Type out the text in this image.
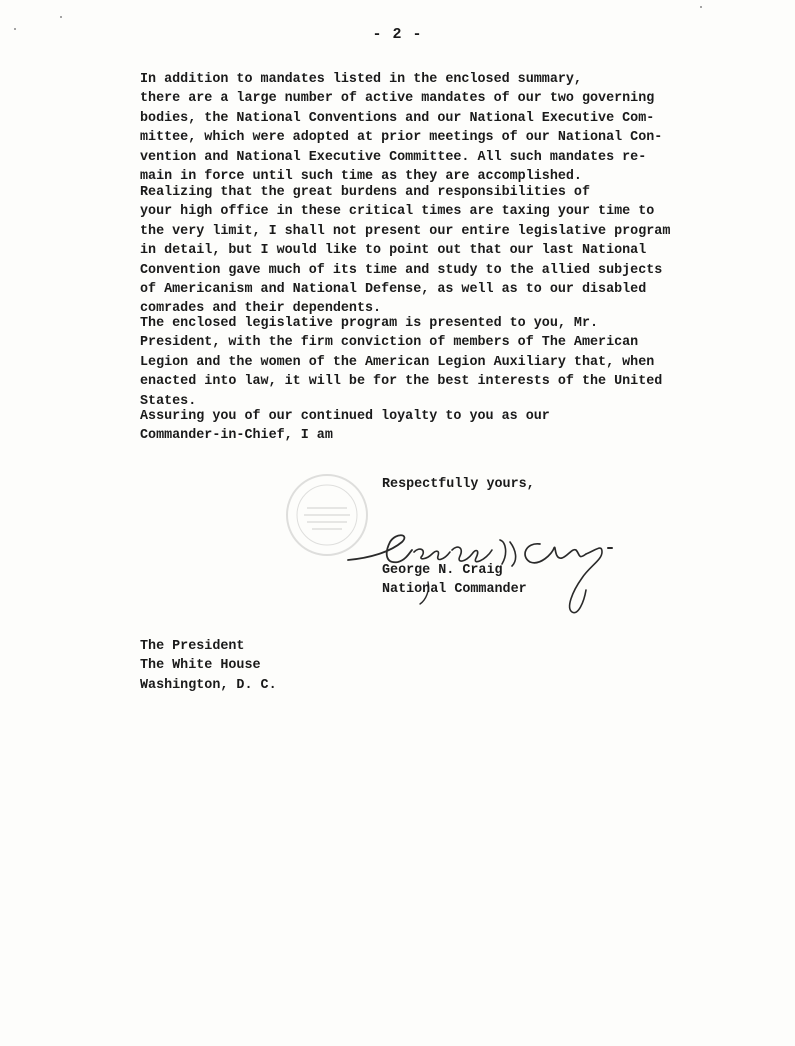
- 2 -

In addition to mandates listed in the enclosed summary,
there are a large number of active mandates of our two governing
bodies, the National Conventions and our National Executive Com-
mittee, which were adopted at prior meetings of our National Con-
vention and National Executive Committee. All such mandates re-
main in force until such time as they are accomplished.

Realizing that the great burdens and responsibilities of
your high office in these critical times are taxing your time to
the very limit, I shall not present our entire legislative program
in detail, but I would like to point out that our last National
Convention gave much of its time and study to the allied subjects
of Americanism and National Defense, as well as to our disabled
comrades and their dependents.

The enclosed legislative program is presented to you, Mr.
President, with the firm conviction of members of The American
Legion and the women of the American Legion Auxiliary that, when
enacted into law, it will be for the best interests of the United
States.

Assuring you of our continued loyalty to you as our
Commander-in-Chief, I am

Respectfully yours,
George N. Craig
National Commander
The President
The White House
Washington, D. C.
